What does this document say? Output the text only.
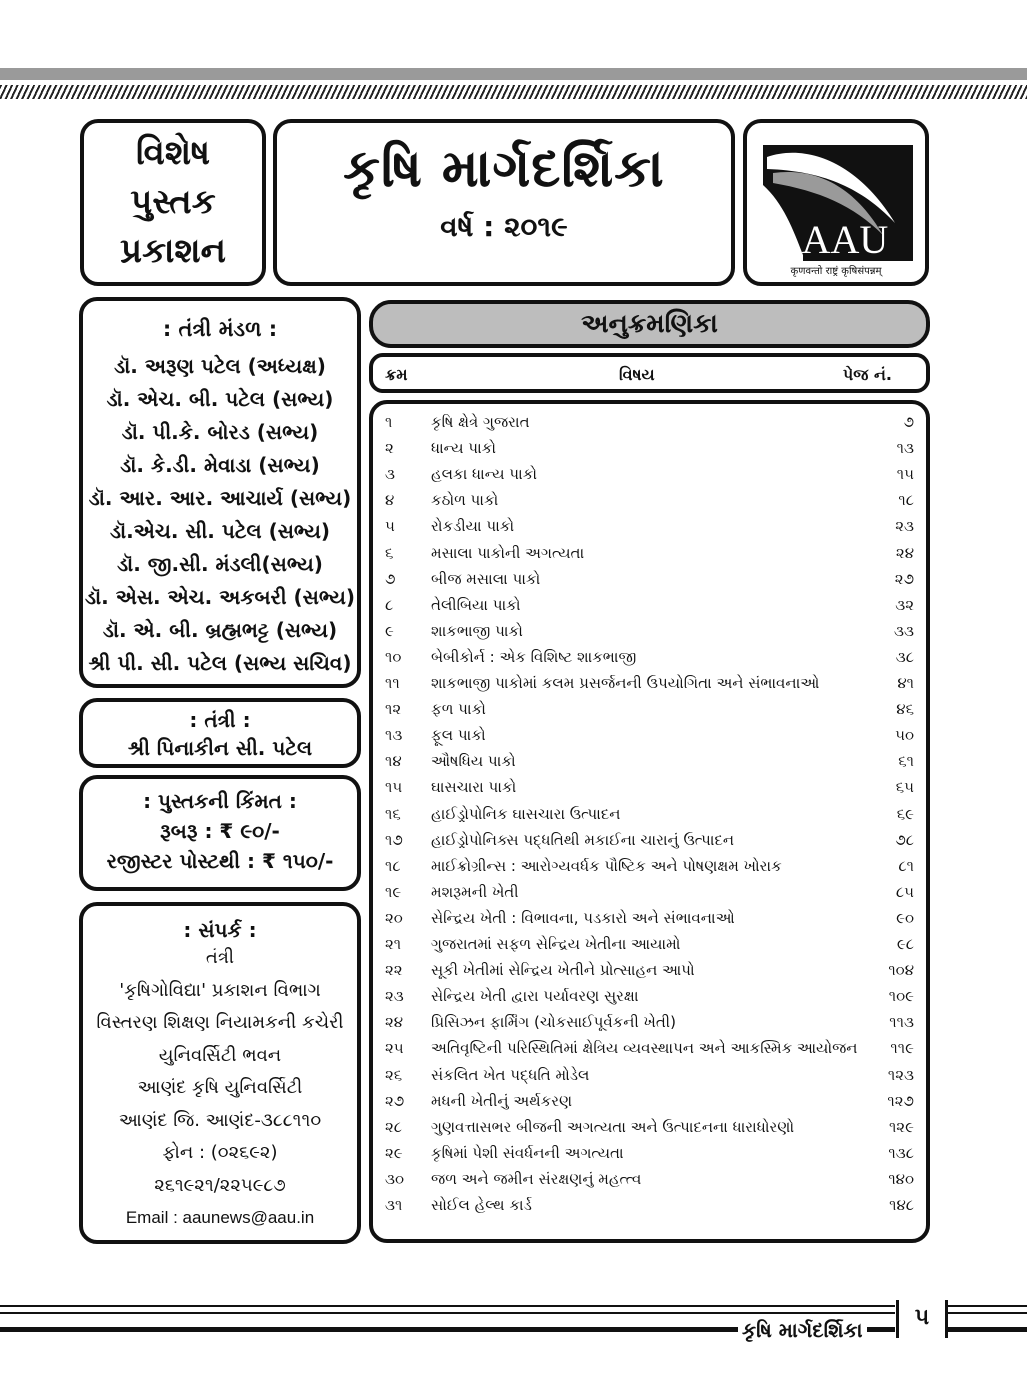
વિશેષ
પુસ્તક
પ્રકાશન
કૃષિ માર્ગદર્શિકા
વર્ષ : ૨૦૧૯	AAU
कृणवन्तो राष्ट्रं कृषिसंपन्नम्
: તંત્રી મંડળ :
ડૉ. અરૂણ પટેલ (અધ્યક્ષ)
ડૉ. એચ. બી. પટેલ (સભ્ય)
ડૉ. પી.કે. બોરડ (સભ્ય)
ડૉ. કે.ડી. મેવાડા (સભ્ય)
ડૉ. આર. આર. આચાર્ય (સભ્ય)
ડૉ.એચ. સી. પટેલ (સભ્ય)
ડૉ. જી.સી. મંડલી(સભ્ય)
ડૉ. એસ. એચ. અકબરી (સભ્ય)
ડૉ. એ. બી. બ્રહ્મભટ્ટ (સભ્ય)
શ્રી પી. સી. પટેલ (સભ્ય સચિવ)
: તંત્રી :
શ્રી પિનાકીન સી. પટેલ
: પુસ્તકની કિંમત :
રૂબરૂ : ₹ ૯૦/-
રજીસ્ટર પોસ્ટથી : ₹ ૧૫૦/-
: સંપર્ક :
તંત્રી
'કૃષિગોવિદ્યા' પ્રકાશન વિભાગ
વિસ્તરણ શિક્ષણ નિયામકની કચેરી
યુનિવર્સિટી ભવન
આણંદ કૃષિ યુનિવર્સિટી
આણંદ જિ. આણંદ-૩૮૮૧૧૦
ફોન : (૦૨૬૯૨)
૨૬૧૯૨૧/૨૨૫૯૮૭
Email : aaunews@aau.in
અનુક્રમણિકા
ક્રમ	વિષય	પેજ નં.
૧	કૃષિ ક્ષેત્રે ગુજરાત	૭
૨	ધાન્ય પાકો	૧૩
૩	હલકા ધાન્ય પાકો	૧૫
૪	કઠોળ પાકો	૧૮
૫	રોકડીયા પાકો	૨૩
૬	મસાલા પાકોની અગત્યતા	૨૪
૭	બીજ મસાલા પાકો	૨૭
૮	તેલીબિયા પાકો	૩૨
૯	શાકભાજી પાકો	૩૩
૧૦	બેબીકોર્ન : એક વિશિષ્ટ શાકભાજી	૩૮
૧૧	શાકભાજી પાકોમાં કલમ પ્રસર્જનની ઉપયોગિતા અને સંભાવનાઓ	૪૧
૧૨	ફળ પાકો	૪૬
૧૩	ફૂલ પાકો	૫૦
૧૪	ઔષધિય પાકો	૬૧
૧૫	ઘાસચારા પાકો	૬૫
૧૬	હાઈડ્રોપોનિક ઘાસચારા ઉત્પાદન	૬૯
૧૭	હાઈડ્રોપોનિક્સ પદ્ધતિથી મકાઈના ચારાનું ઉત્પાદન	૭૮
૧૮	માઈક્રોગ્રીન્સ : આરોગ્યવર્ધક પૌષ્ટિક અને પોષણક્ષમ ખોરાક	૮૧
૧૯	મશરૂમની ખેતી	૮૫
૨૦	સેન્દ્રિય ખેતી : વિભાવના, પડકારો અને સંભાવનાઓ	૯૦
૨૧	ગુજરાતમાં સફળ સેન્દ્રિય ખેતીના આયામો	૯૮
૨૨	સૂકી ખેતીમાં સેન્દ્રિય ખેતીને પ્રોત્સાહન આપો	૧૦૪
૨૩	સેન્દ્રિય ખેતી દ્વારા પર્યાવરણ સુરક્ષા	૧૦૯
૨૪	પ્રિસિઝન ફાર્મિંગ (ચોકસાઈપૂર્વકની ખેતી)	૧૧૩
૨૫	અતિવૃષ્ટિની પરિસ્થિતિમાં ક્ષેત્રિય વ્યવસ્થાપન અને આકસ્મિક આયોજન ૧૧૯
૨૬	સંકલિત ખેત પદ્ધતિ મોડેલ	૧૨૩
૨૭	મધની ખેતીનું અર્થકરણ	૧૨૭
૨૮	ગુણવત્તાસભર બીજની અગત્યતા અને ઉત્પાદનના ધારાધોરણો	૧૨૯
૨૯	કૃષિમાં પેશી સંવર્ધનની અગત્યતા	૧૩૮
૩૦	જળ અને જમીન સંરક્ષણનું મહત્ત્વ	૧૪૦
૩૧	સોઈલ હેલ્થ કાર્ડ	૧૪૮
કૃષિ માર્ગદર્શિકા	૫
